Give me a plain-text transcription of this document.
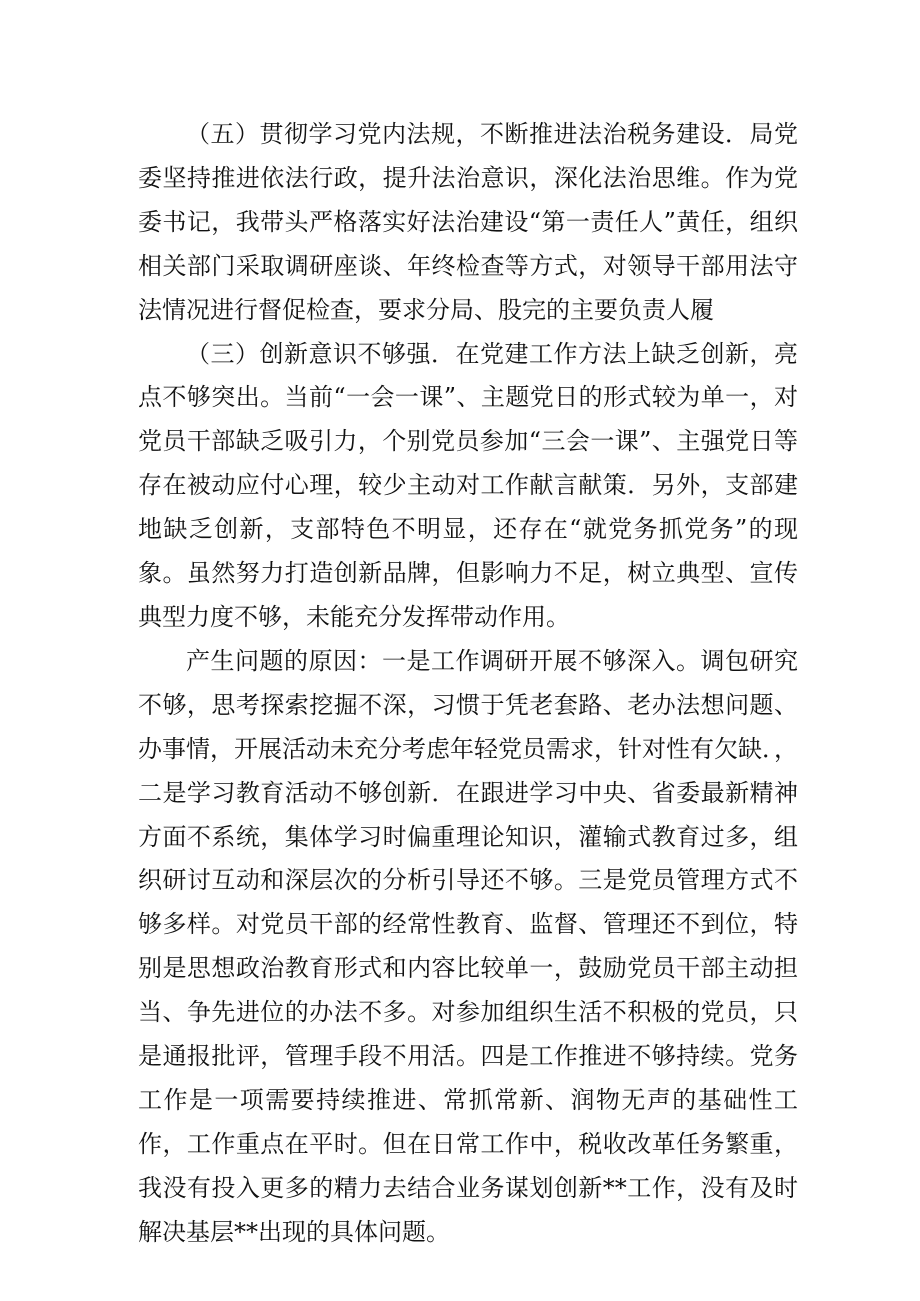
（五）贯彻学习党内法规，不断推进法治税务建设．局党委坚持推进依法行政，提升法治意识，深化法治思维。作为党委书记，我带头严格落实好法治建设“第一责任人”黄任，组织相关部门采取调研座谈、年终检查等方式，对领导干部用法守法情况进行督促检查，要求分局、股完的主要负责人履

（三）创新意识不够强．在党建工作方法上缺乏创新，亮点不够突出。当前“一会一课”、主题党日的形式较为单一，对党员干部缺乏吸引力，个别党员参加“三会一课”、主强党日等存在被动应付心理，较少主动对工作献言献策．另外，支部建地缺乏创新，支部特色不明显，还存在“就党务抓党务”的现象。虽然努力打造创新品牌，但影响力不足，树立典型、宣传典型力度不够，未能充分发挥带动作用。

产生问题的原因：一是工作调研开展不够深入。调包研究不够，思考探索挖掘不深，习惯于凭老套路、老办法想问题、办事情，开展活动未充分考虑年轻党员需求，针对性有欠缺．，二是学习教育活动不够创新．在跟进学习中央、省委最新精神方面不系统，集体学习时偏重理论知识，灌输式教育过多，组织研讨互动和深层次的分析引导还不够。三是党员管理方式不够多样。对党员干部的经常性教育、监督、管理还不到位，特别是思想政治教育形式和内容比较单一，鼓励党员干部主动担当、争先进位的办法不多。对参加组织生活不积极的党员，只是通报批评，管理手段不用活。四是工作推进不够持续。党务工作是一项需要持续推进、常抓常新、润物无声的基础性工作，工作重点在平时。但在日常工作中，税收改革任务繁重，我没有投入更多的精力去结合业务谋划创新**工作，没有及时解决基层**出现的具体问题。
